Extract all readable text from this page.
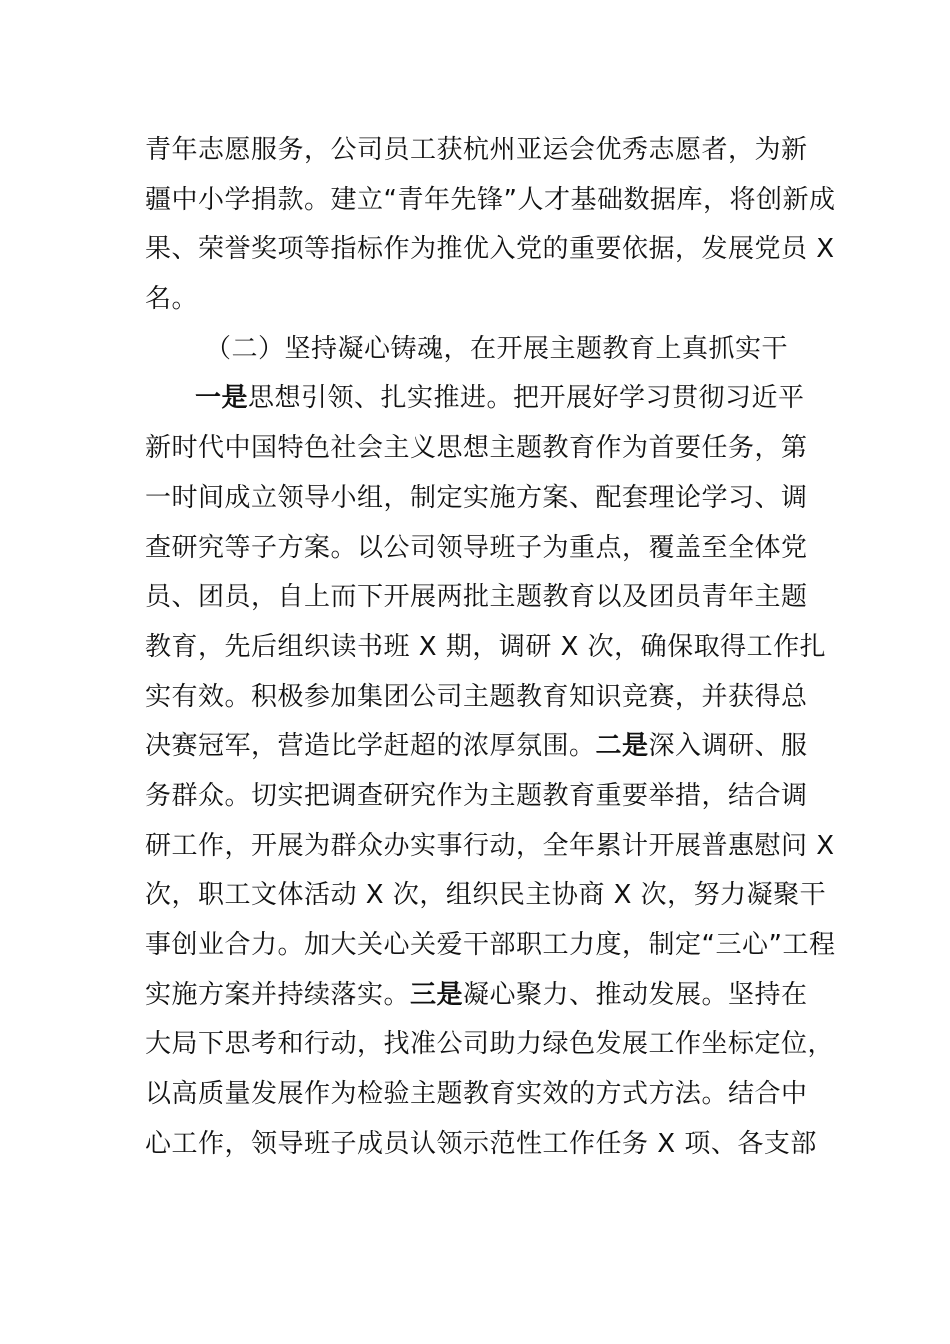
青年志愿服务，公司员工获杭州亚运会优秀志愿者，为新
疆中小学捐款。建立“青年先锋”人才基础数据库，将创新成
果、荣誉奖项等指标作为推优入党的重要依据，发展党员 X
名。
（二）坚持凝心铸魂，在开展主题教育上真抓实干
一是思想引领、扎实推进。把开展好学习贯彻习近平
新时代中国特色社会主义思想主题教育作为首要任务，第
一时间成立领导小组，制定实施方案、配套理论学习、调
查研究等子方案。以公司领导班子为重点，覆盖至全体党
员、团员，自上而下开展两批主题教育以及团员青年主题
教育，先后组织读书班 X 期，调研 X 次，确保取得工作扎
实有效。积极参加集团公司主题教育知识竞赛，并获得总
决赛冠军，营造比学赶超的浓厚氛围。二是深入调研、服
务群众。切实把调查研究作为主题教育重要举措，结合调
研工作，开展为群众办实事行动，全年累计开展普惠慰问 X
次，职工文体活动 X 次，组织民主协商 X 次，努力凝聚干
事创业合力。加大关心关爱干部职工力度，制定“三心”工程
实施方案并持续落实。三是凝心聚力、推动发展。坚持在
大局下思考和行动，找准公司助力绿色发展工作坐标定位，
以高质量发展作为检验主题教育实效的方式方法。结合中
心工作，领导班子成员认领示范性工作任务 X 项、各支部
